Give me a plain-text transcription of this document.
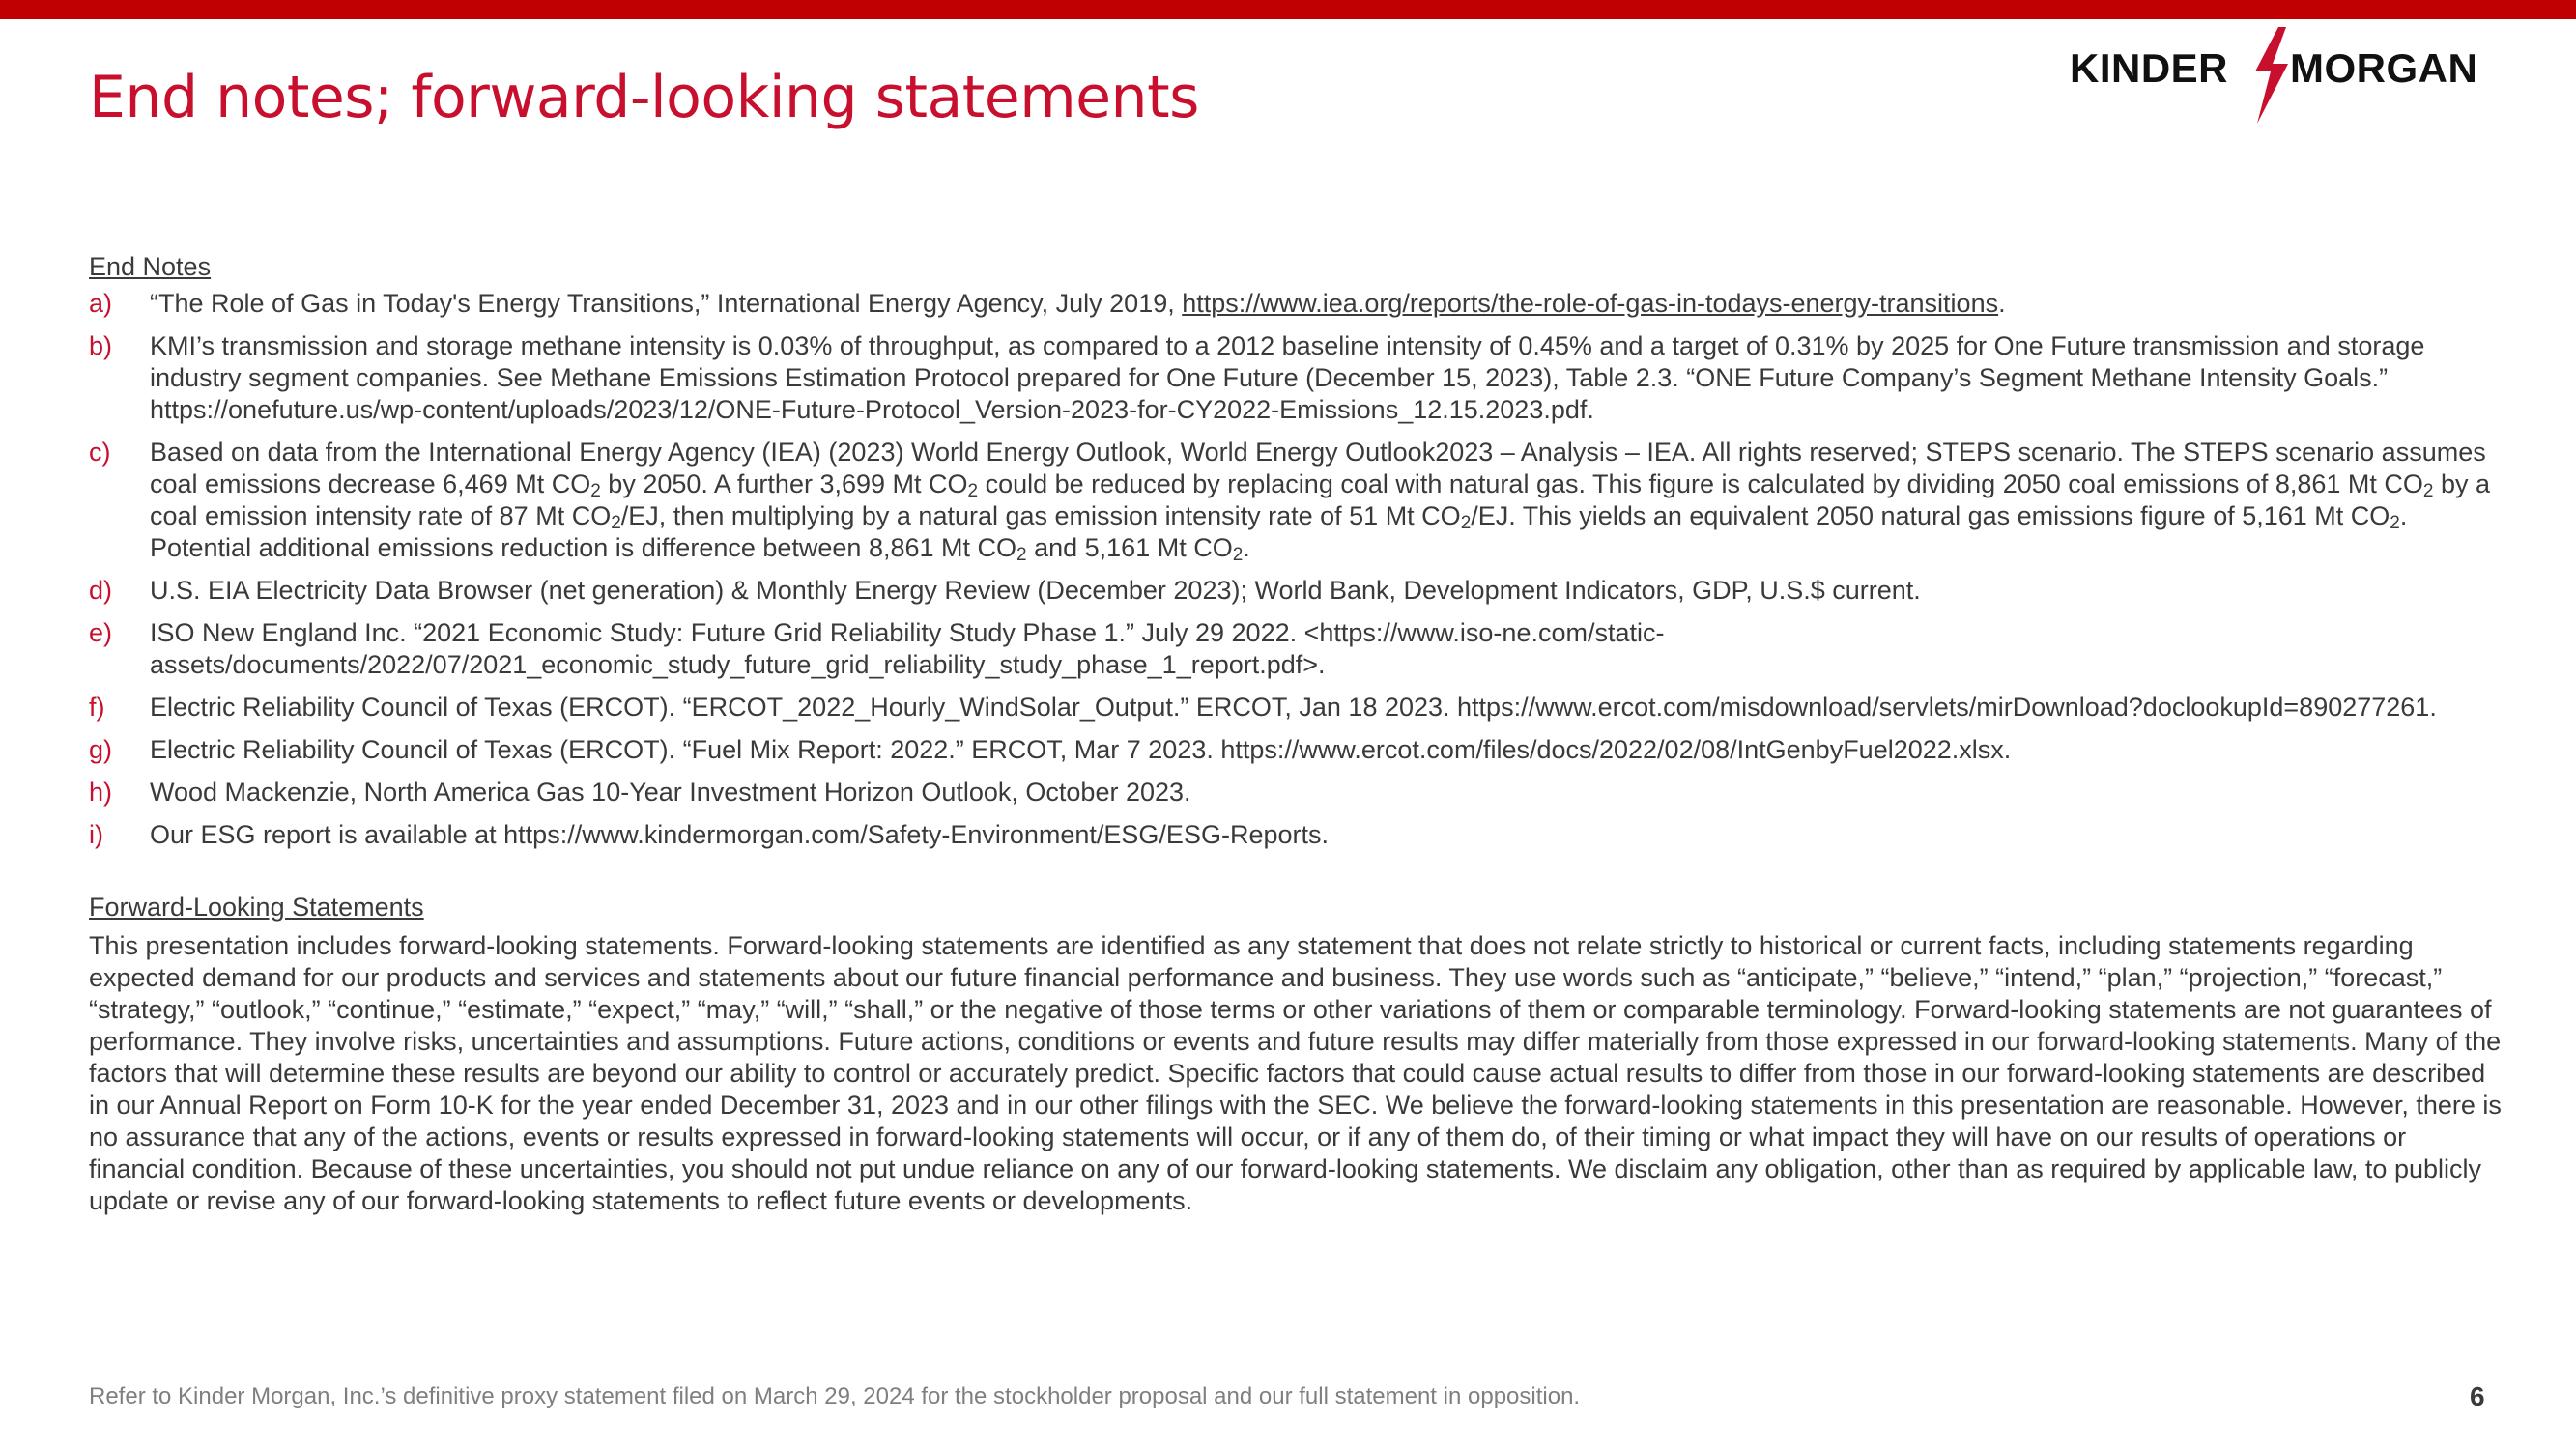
End notes; forward-looking statements	KINDER MORGAN
End Notes
a) “The Role of Gas in Today's Energy Transitions,” International Energy Agency, July 2019, https://www.iea.org/reports/the-role-of-gas-in-todays-energy-transitions.
b) KMI’s transmission and storage methane intensity is 0.03% of throughput, as compared to a 2012 baseline intensity of 0.45% and a target of 0.31% by 2025 for One Future transmission and storage industry segment companies. See Methane Emissions Estimation Protocol prepared for One Future (December 15, 2023), Table 2.3. “ONE Future Company’s Segment Methane Intensity Goals.” https://onefuture.us/wp-content/uploads/2023/12/ONE-Future-Protocol_Version-2023-for-CY2022-Emissions_12.15.2023.pdf.
c) Based on data from the International Energy Agency (IEA) (2023) World Energy Outlook, World Energy Outlook2023 – Analysis – IEA. All rights reserved; STEPS scenario. The STEPS scenario assumes coal emissions decrease 6,469 Mt $CO_2$ by 2050. A further 3,699 Mt $CO_2$ could be reduced by replacing coal with natural gas. This figure is calculated by dividing 2050 coal emissions of 8,861 Mt $CO_2$ by a coal emission intensity rate of 87 Mt $CO_2/EJ$, then multiplying by a natural gas emission intensity rate of 51 Mt $CO_2/EJ$. This yields an equivalent 2050 natural gas emissions figure of 5,161 Mt $CO_2$. Potential additional emissions reduction is difference between 8,861 Mt $CO_2$ and 5,161 Mt $CO_2$.
d) U.S. EIA Electricity Data Browser (net generation) & Monthly Energy Review (December 2023); World Bank, Development Indicators, GDP, U.S.$ current.
e) ISO New England Inc. “2021 Economic Study: Future Grid Reliability Study Phase 1.” July 29 2022. <https://www.iso-ne.com/static-assets/documents/2022/07/2021_economic_study_future_grid_reliability_study_phase_1_report.pdf>.
f) Electric Reliability Council of Texas (ERCOT). “ERCOT_2022_Hourly_WindSolar_Output.” ERCOT, Jan 18 2023. https://www.ercot.com/misdownload/servlets/mirDownload?doclookupId=890277261.
g) Electric Reliability Council of Texas (ERCOT). “Fuel Mix Report: 2022.” ERCOT, Mar 7 2023. https://www.ercot.com/files/docs/2022/02/08/IntGenbyFuel2022.xlsx.
h) Wood Mackenzie, North America Gas 10-Year Investment Horizon Outlook, October 2023.
i) Our ESG report is available at https://www.kindermorgan.com/Safety-Environment/ESG/ESG-Reports.
Forward-Looking Statements
This presentation includes forward-looking statements. Forward-looking statements are identified as any statement that does not relate strictly to historical or current facts, including statements regarding expected demand for our products and services and statements about our future financial performance and business. They use words such as “anticipate,” “believe,” “intend,” “plan,” “projection,” “forecast,” “strategy,” “outlook,” “continue,” “estimate,” “expect,” “may,” “will,” “shall,” or the negative of those terms or other variations of them or comparable terminology. Forward-looking statements are not guarantees of performance. They involve risks, uncertainties and assumptions. Future actions, conditions or events and future results may differ materially from those expressed in our forward-looking statements. Many of the factors that will determine these results are beyond our ability to control or accurately predict. Specific factors that could cause actual results to differ from those in our forward-looking statements are described in our Annual Report on Form 10-K for the year ended December 31, 2023 and in our other filings with the SEC. We believe the forward-looking statements in this presentation are reasonable. However, there is no assurance that any of the actions, events or results expressed in forward-looking statements will occur, or if any of them do, of their timing or what impact they will have on our results of operations or financial condition. Because of these uncertainties, you should not put undue reliance on any of our forward-looking statements. We disclaim any obligation, other than as required by applicable law, to publicly update or revise any of our forward-looking statements to reflect future events or developments.
Refer to Kinder Morgan, Inc.’s definitive proxy statement filed on March 29, 2024 for the stockholder proposal and our full statement in opposition.	6
